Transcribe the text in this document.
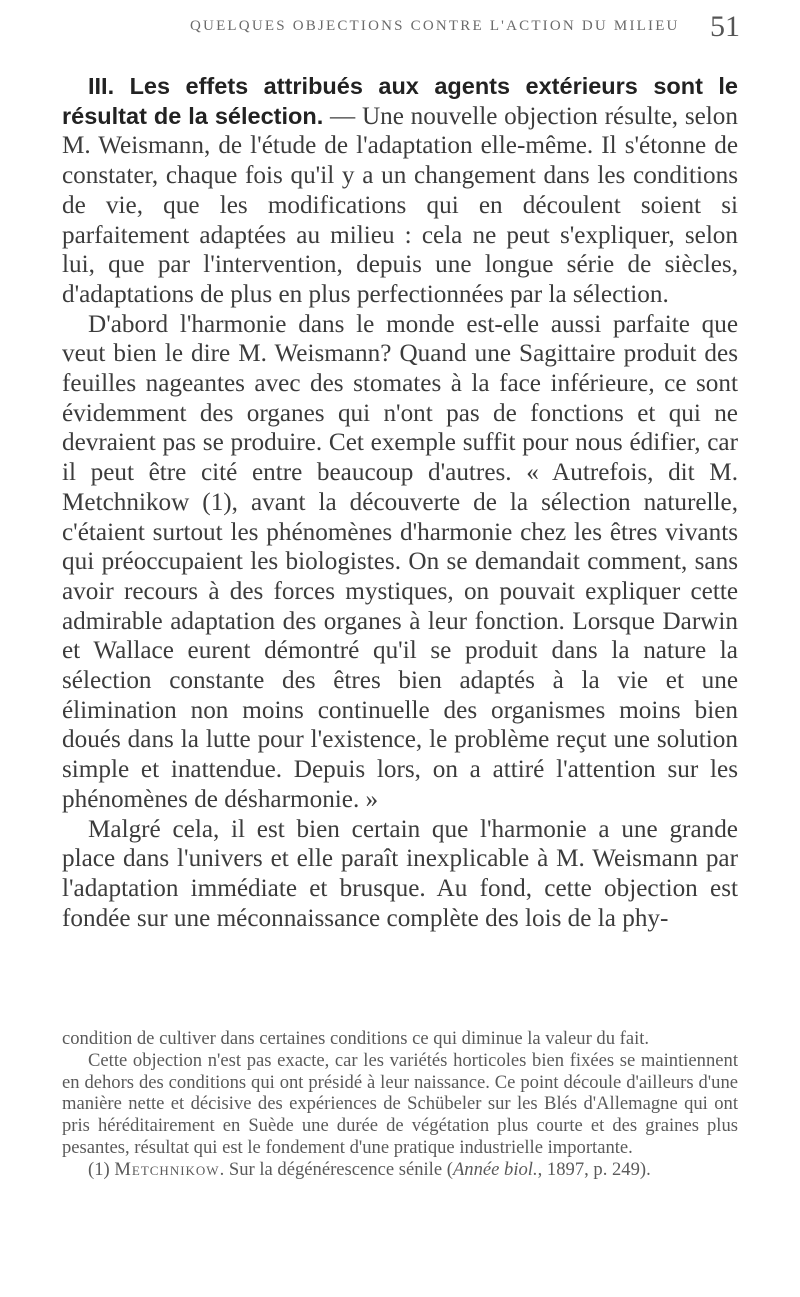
QUELQUES OBJECTIONS CONTRE L'ACTION DU MILIEU 51

III. Les effets attribués aux agents extérieurs sont le résultat de la sélection. — Une nouvelle objection résulte, selon M. Weismann, de l'étude de l'adaptation elle-même. Il s'étonne de constater, chaque fois qu'il y a un changement dans les conditions de vie, que les modifications qui en découlent soient si parfaitement adaptées au milieu : cela ne peut s'expliquer, selon lui, que par l'intervention, depuis une longue série de siècles, d'adaptations de plus en plus perfectionnées par la sélection.

D'abord l'harmonie dans le monde est-elle aussi parfaite que veut bien le dire M. Weismann? Quand une Sagittaire produit des feuilles nageantes avec des stomates à la face inférieure, ce sont évidemment des organes qui n'ont pas de fonctions et qui ne devraient pas se produire. Cet exemple suffit pour nous édifier, car il peut être cité entre beaucoup d'autres. « Autrefois, dit M. Metchnikow (1), avant la découverte de la sélection naturelle, c'étaient surtout les phénomènes d'harmonie chez les êtres vivants qui préoccupaient les biologistes. On se demandait comment, sans avoir recours à des forces mystiques, on pouvait expliquer cette admirable adaptation des organes à leur fonction. Lorsque Darwin et Wallace eurent démontré qu'il se produit dans la nature la sélection constante des êtres bien adaptés à la vie et une élimination non moins continuelle des organismes moins bien doués dans la lutte pour l'existence, le problème reçut une solution simple et inattendue. Depuis lors, on a attiré l'attention sur les phénomènes de désharmonie. »

Malgré cela, il est bien certain que l'harmonie a une grande place dans l'univers et elle paraît inexplicable à M. Weismann par l'adaptation immédiate et brusque. Au fond, cette objection est fondée sur une méconnaissance complète des lois de la phy-

condition de cultiver dans certaines conditions ce qui diminue la valeur du fait.

Cette objection n'est pas exacte, car les variétés horticoles bien fixées se maintiennent en dehors des conditions qui ont présidé à leur naissance. Ce point découle d'ailleurs d'une manière nette et décisive des expériences de Schübeler sur les Blés d'Allemagne qui ont pris héréditairement en Suède une durée de végétation plus courte et des graines plus pesantes, résultat qui est le fondement d'une pratique industrielle importante.

(1) Metchnikow. Sur la dégénérescence sénile (Année biol., 1897, p. 249).
